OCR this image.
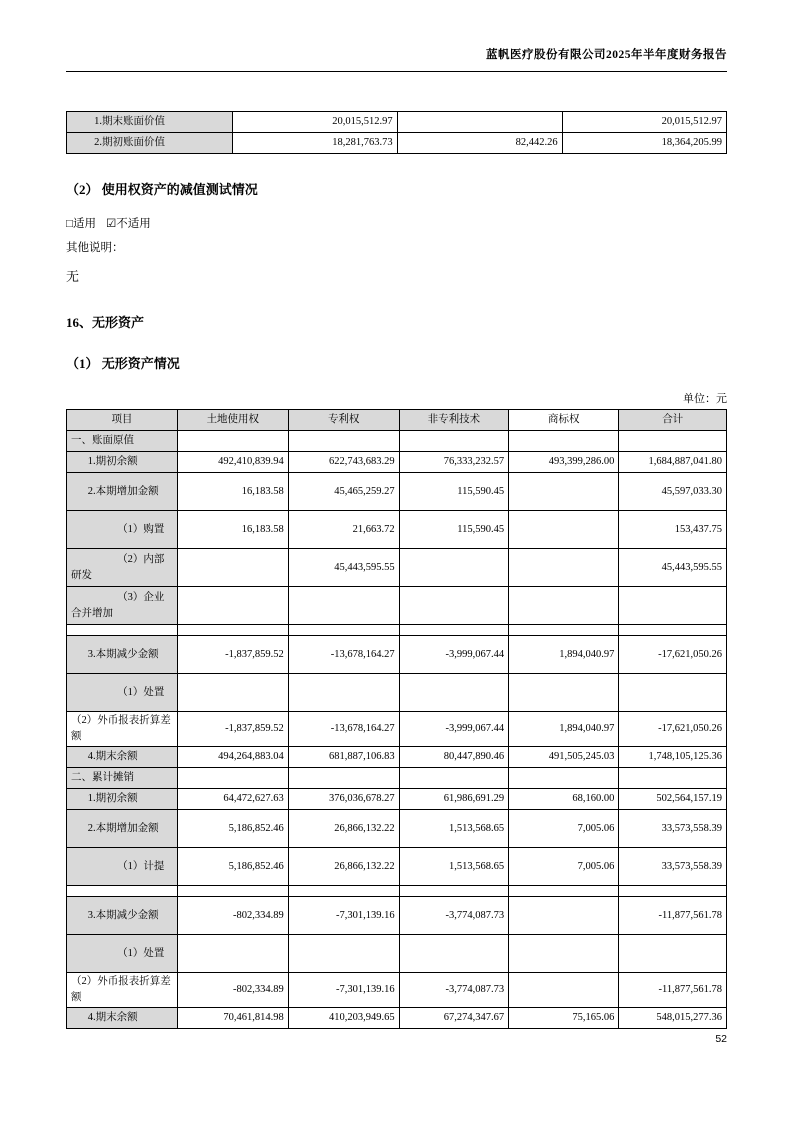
蓝帆医疗股份有限公司2025年半年度财务报告
1.期末账面价值	20,015,512.97		20,015,512.97
2.期初账面价值	18,281,763.73	82,442.26	18,364,205.99
（2） 使用权资产的减值测试情况
□适用 ☑不适用
其他说明：
无
16、无形资产
（1） 无形资产情况
单位：元
项目	土地使用权	专利权	非专利技术	商标权	合计
一、账面原值					
1.期初余额	492,410,839.94	622,743,683.29	76,333,232.57	493,399,286.00	1,684,887,041.80
2.本期增加金额	16,183.58	45,465,259.27	115,590.45		45,597,033.30
（1）购置	16,183.58	21,663.72	115,590.45		153,437.75
（2）内部研发		45,443,595.55			45,443,595.55
（3）企业合并增加					

3.本期减少金额	-1,837,859.52	-13,678,164.27	-3,999,067.44	1,894,040.97	-17,621,050.26
（1）处置					
（2）外币报表折算差额	-1,837,859.52	-13,678,164.27	-3,999,067.44	1,894,040.97	-17,621,050.26
4.期末余额	494,264,883.04	681,887,106.83	80,447,890.46	491,505,245.03	1,748,105,125.36
二、累计摊销					
1.期初余额	64,472,627.63	376,036,678.27	61,986,691.29	68,160.00	502,564,157.19
2.本期增加金额	5,186,852.46	26,866,132.22	1,513,568.65	7,005.06	33,573,558.39
（1）计提	5,186,852.46	26,866,132.22	1,513,568.65	7,005.06	33,573,558.39

3.本期减少金额	-802,334.89	-7,301,139.16	-3,774,087.73		-11,877,561.78
（1）处置					
（2）外币报表折算差额	-802,334.89	-7,301,139.16	-3,774,087.73		-11,877,561.78
4.期末余额	70,461,814.98	410,203,949.65	67,274,347.67	75,165.06	548,015,277.36
52
